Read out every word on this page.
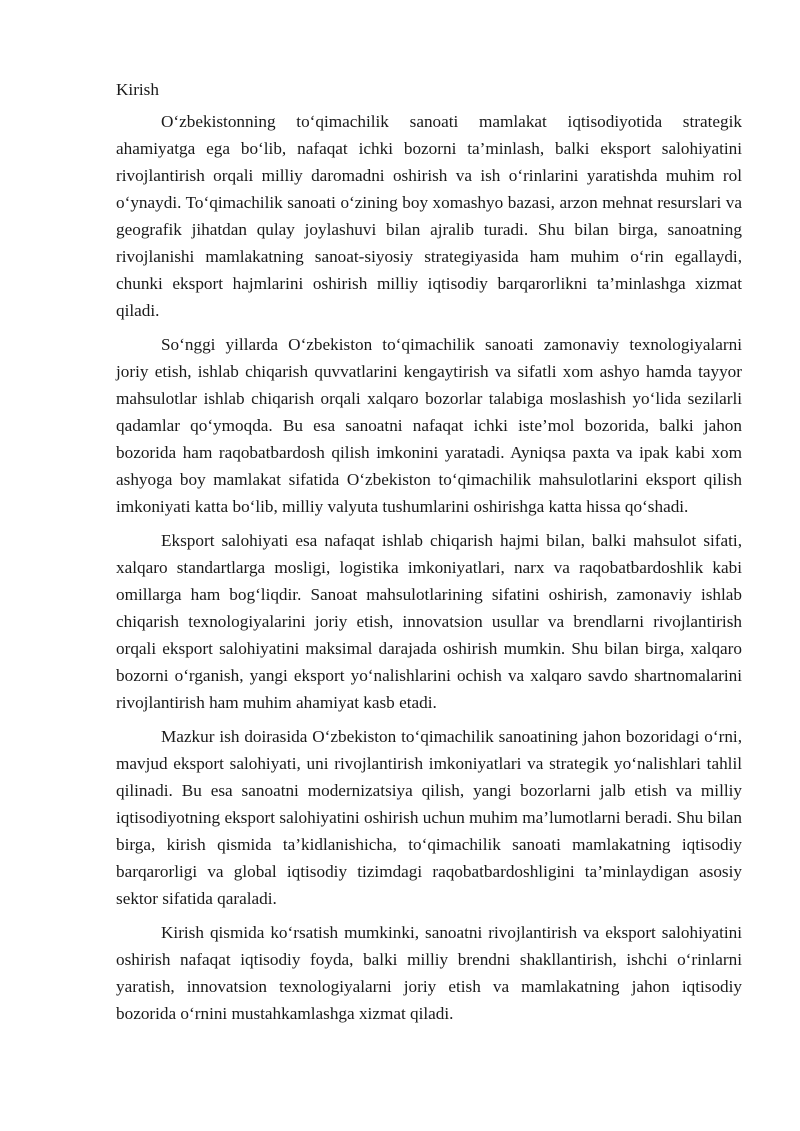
Kirish

O‘zbekistonning to‘qimachilik sanoati mamlakat iqtisodiyotida strategik ahamiyatga ega bo‘lib, nafaqat ichki bozorni ta’minlash, balki eksport salohiyatini rivojlantirish orqali milliy daromadni oshirish va ish o‘rinlarini yaratishda muhim rol o‘ynaydi. To‘qimachilik sanoati o‘zining boy xomashyo bazasi, arzon mehnat resurslari va geografik jihatdan qulay joylashuvi bilan ajralib turadi. Shu bilan birga, sanoatning rivojlanishi mamlakatning sanoat-siyosiy strategiyasida ham muhim o‘rin egallaydi, chunki eksport hajmlarini oshirish milliy iqtisodiy barqarorlikni ta’minlashga xizmat qiladi.

So‘nggi yillarda O‘zbekiston to‘qimachilik sanoati zamonaviy texnologiyalarni joriy etish, ishlab chiqarish quvvatlarini kengaytirish va sifatli xom ashyo hamda tayyor mahsulotlar ishlab chiqarish orqali xalqaro bozorlar talabiga moslashish yo‘lida sezilarli qadamlar qo‘ymoqda. Bu esa sanoatni nafaqat ichki iste’mol bozorida, balki jahon bozorida ham raqobatbardosh qilish imkonini yaratadi. Ayniqsa paxta va ipak kabi xom ashyoga boy mamlakat sifatida O‘zbekiston to‘qimachilik mahsulotlarini eksport qilish imkoniyati katta bo‘lib, milliy valyuta tushumlarini oshirishga katta hissa qo‘shadi.

Eksport salohiyati esa nafaqat ishlab chiqarish hajmi bilan, balki mahsulot sifati, xalqaro standartlarga mosligi, logistika imkoniyatlari, narx va raqobatbardoshlik kabi omillarga ham bog‘liqdir. Sanoat mahsulotlarining sifatini oshirish, zamonaviy ishlab chiqarish texnologiyalarini joriy etish, innovatsion usullar va brendlarni rivojlantirish orqali eksport salohiyatini maksimal darajada oshirish mumkin. Shu bilan birga, xalqaro bozorni o‘rganish, yangi eksport yo‘nalishlarini ochish va xalqaro savdo shartnomalarini rivojlantirish ham muhim ahamiyat kasb etadi.

Mazkur ish doirasida O‘zbekiston to‘qimachilik sanoatining jahon bozoridagi o‘rni, mavjud eksport salohiyati, uni rivojlantirish imkoniyatlari va strategik yo‘nalishlari tahlil qilinadi. Bu esa sanoatni modernizatsiya qilish, yangi bozorlarni jalb etish va milliy iqtisodiyotning eksport salohiyatini oshirish uchun muhim ma’lumotlarni beradi. Shu bilan birga, kirish qismida ta’kidlanishicha, to‘qimachilik sanoati mamlakatning iqtisodiy barqarorligi va global iqtisodiy tizimdagi raqobatbardoshligini ta’minlaydigan asosiy sektor sifatida qaraladi.

Kirish qismida ko‘rsatish mumkinki, sanoatni rivojlantirish va eksport salohiyatini oshirish nafaqat iqtisodiy foyda, balki milliy brendni shakllantirish, ishchi o‘rinlarni yaratish, innovatsion texnologiyalarni joriy etish va mamlakatning jahon iqtisodiy bozorida o‘rnini mustahkamlashga xizmat qiladi.
